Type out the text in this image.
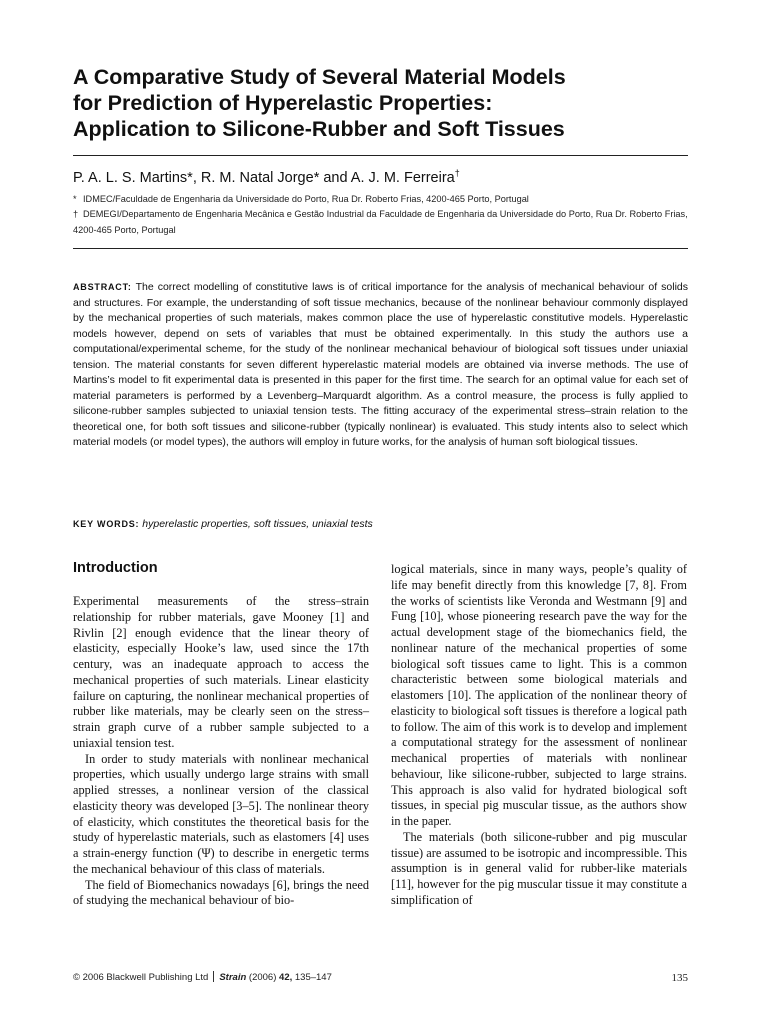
A Comparative Study of Several Material Models
for Prediction of Hyperelastic Properties:
Application to Silicone-Rubber and Soft Tissues

P. A. L. S. Martins*, R. M. Natal Jorge* and A. J. M. Ferreira†

* IDMEC/Faculdade de Engenharia da Universidade do Porto, Rua Dr. Roberto Frias, 4200-465 Porto, Portugal

† DEMEGI/Departamento de Engenharia Mecânica e Gestão Industrial da Faculdade de Engenharia da Universidade do Porto, Rua Dr. Roberto Frias, 4200-465 Porto, Portugal

ABSTRACT: The correct modelling of constitutive laws is of critical importance for the analysis of mechanical behaviour of solids and structures. For example, the understanding of soft tissue mechanics, because of the nonlinear behaviour commonly displayed by the mechanical properties of such materials, makes common place the use of hyperelastic constitutive models. Hyperelastic models however, depend on sets of variables that must be obtained experimentally. In this study the authors use a computational/experimental scheme, for the study of the nonlinear mechanical behaviour of biological soft tissues under uniaxial tension. The material constants for seven different hyperelastic material models are obtained via inverse methods. The use of Martins’s model to fit experimental data is presented in this paper for the first time. The search for an optimal value for each set of material parameters is performed by a Levenberg–Marquardt algorithm. As a control measure, the process is fully applied to silicone-rubber samples subjected to uniaxial tension tests. The fitting accuracy of the experimental stress–strain relation to the theoretical one, for both soft tissues and silicone-rubber (typically nonlinear) is evaluated. This study intents also to select which material models (or model types), the authors will employ in future works, for the analysis of human soft biological tissues.

KEY WORDS: hyperelastic properties, soft tissues, uniaxial tests

Introduction

Experimental measurements of the stress–strain relationship for rubber materials, gave Mooney [1] and Rivlin [2] enough evidence that the linear theory of elasticity, especially Hooke’s law, used since the 17th century, was an inadequate approach to access the mechanical properties of such materials. Linear elasticity failure on capturing, the nonlinear mechanical properties of rubber like materials, may be clearly seen on the stress–strain graph curve of a rubber sample subjected to a uniaxial tension test.

In order to study materials with nonlinear mechanical properties, which usually undergo large strains with small applied stresses, a nonlinear version of the classical elasticity theory was developed [3–5]. The nonlinear theory of elasticity, which constitutes the theoretical basis for the study of hyperelastic materials, such as elastomers [4] uses a strain-energy function (Ψ) to describe in energetic terms the mechanical behaviour of this class of materials.

The field of Biomechanics nowadays [6], brings the need of studying the mechanical behaviour of bio-

logical materials, since in many ways, people’s quality of life may benefit directly from this knowledge [7, 8]. From the works of scientists like Veronda and Westmann [9] and Fung [10], whose pioneering research pave the way for the actual development stage of the biomechanics field, the nonlinear nature of the mechanical properties of some biological soft tissues came to light. This is a common characteristic between some biological materials and elastomers [10]. The application of the nonlinear theory of elasticity to biological soft tissues is therefore a logical path to follow. The aim of this work is to develop and implement a computational strategy for the assessment of nonlinear mechanical properties of materials with nonlinear behaviour, like silicone-rubber, subjected to large strains. This approach is also valid for hydrated biological soft tissues, in special pig muscular tissue, as the authors show in the paper.

The materials (both silicone-rubber and pig muscular tissue) are assumed to be isotropic and incompressible. This assumption is in general valid for rubber-like materials [11], however for the pig muscular tissue it may constitute a simplification of

© 2006 Blackwell Publishing Ltd Strain (2006) 42, 135–147	135
